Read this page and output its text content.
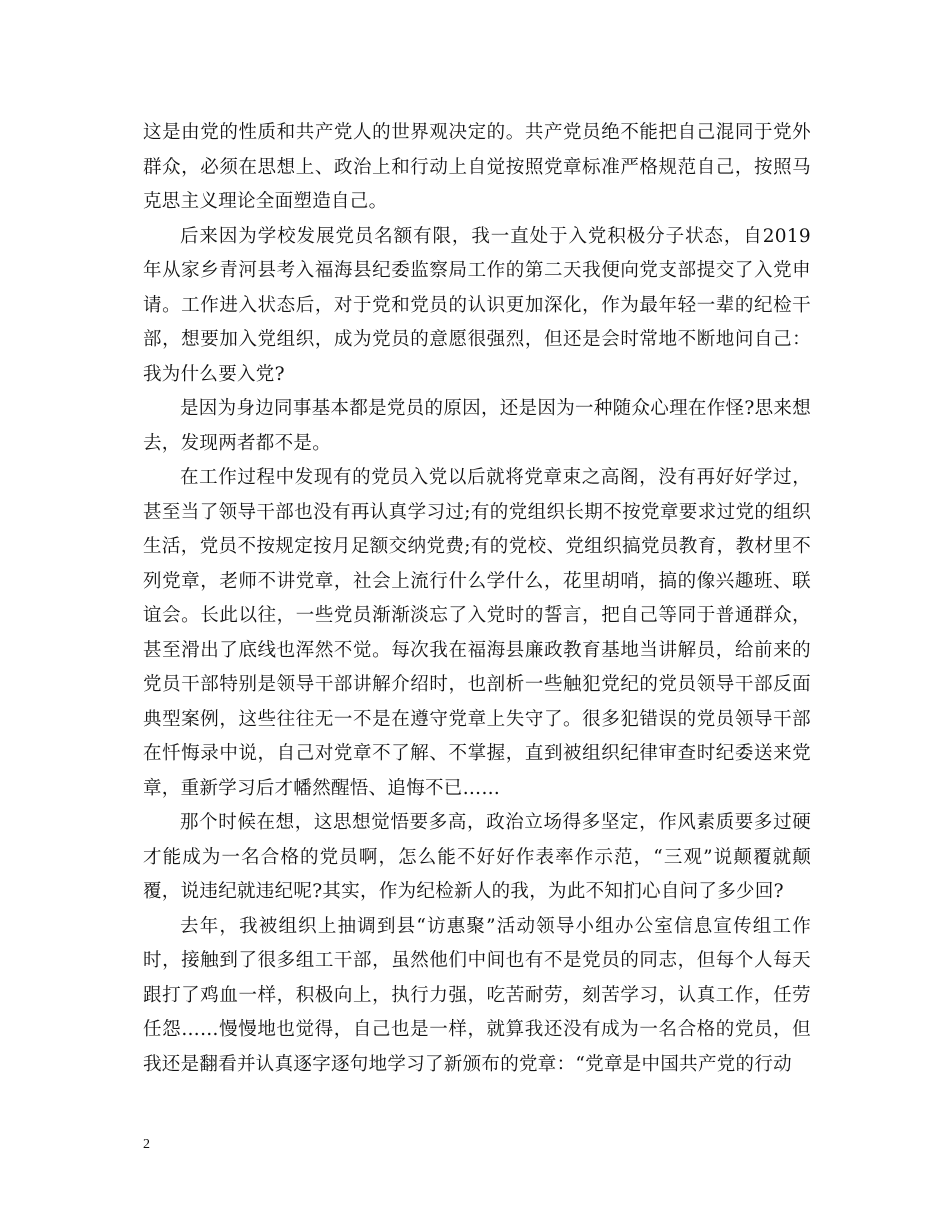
这是由党的性质和共产党人的世界观决定的。共产党员绝不能把自己混同于党外群众，必须在思想上、政治上和行动上自觉按照党章标准严格规范自己，按照马克思主义理论全面塑造自己。

后来因为学校发展党员名额有限，我一直处于入党积极分子状态，自2019年从家乡青河县考入福海县纪委监察局工作的第二天我便向党支部提交了入党申请。工作进入状态后，对于党和党员的认识更加深化，作为最年轻一辈的纪检干部，想要加入党组织，成为党员的意愿很强烈，但还是会时常地不断地问自己：我为什么要入党?

是因为身边同事基本都是党员的原因，还是因为一种随众心理在作怪?思来想去，发现两者都不是。

在工作过程中发现有的党员入党以后就将党章束之高阁，没有再好好学过，甚至当了领导干部也没有再认真学习过;有的党组织长期不按党章要求过党的组织生活，党员不按规定按月足额交纳党费;有的党校、党组织搞党员教育，教材里不列党章，老师不讲党章，社会上流行什么学什么，花里胡哨，搞的像兴趣班、联谊会。长此以往，一些党员渐渐淡忘了入党时的誓言，把自己等同于普通群众，甚至滑出了底线也浑然不觉。每次我在福海县廉政教育基地当讲解员，给前来的党员干部特别是领导干部讲解介绍时，也剖析一些触犯党纪的党员领导干部反面典型案例，这些往往无一不是在遵守党章上失守了。很多犯错误的党员领导干部在忏悔录中说，自己对党章不了解、不掌握，直到被组织纪律审查时纪委送来党章，重新学习后才幡然醒悟、追悔不已……

那个时候在想，这思想觉悟要多高，政治立场得多坚定，作风素质要多过硬才能成为一名合格的党员啊，怎么能不好好作表率作示范，“三观”说颠覆就颠覆，说违纪就违纪呢?其实，作为纪检新人的我，为此不知扪心自问了多少回?

去年，我被组织上抽调到县“访惠聚”活动领导小组办公室信息宣传组工作时，接触到了很多组工干部，虽然他们中间也有不是党员的同志，但每个人每天跟打了鸡血一样，积极向上，执行力强，吃苦耐劳，刻苦学习，认真工作，任劳任怨……慢慢地也觉得，自己也是一样，就算我还没有成为一名合格的党员，但我还是翻看并认真逐字逐句地学习了新颁布的党章：“党章是中国共产党的行动

2
